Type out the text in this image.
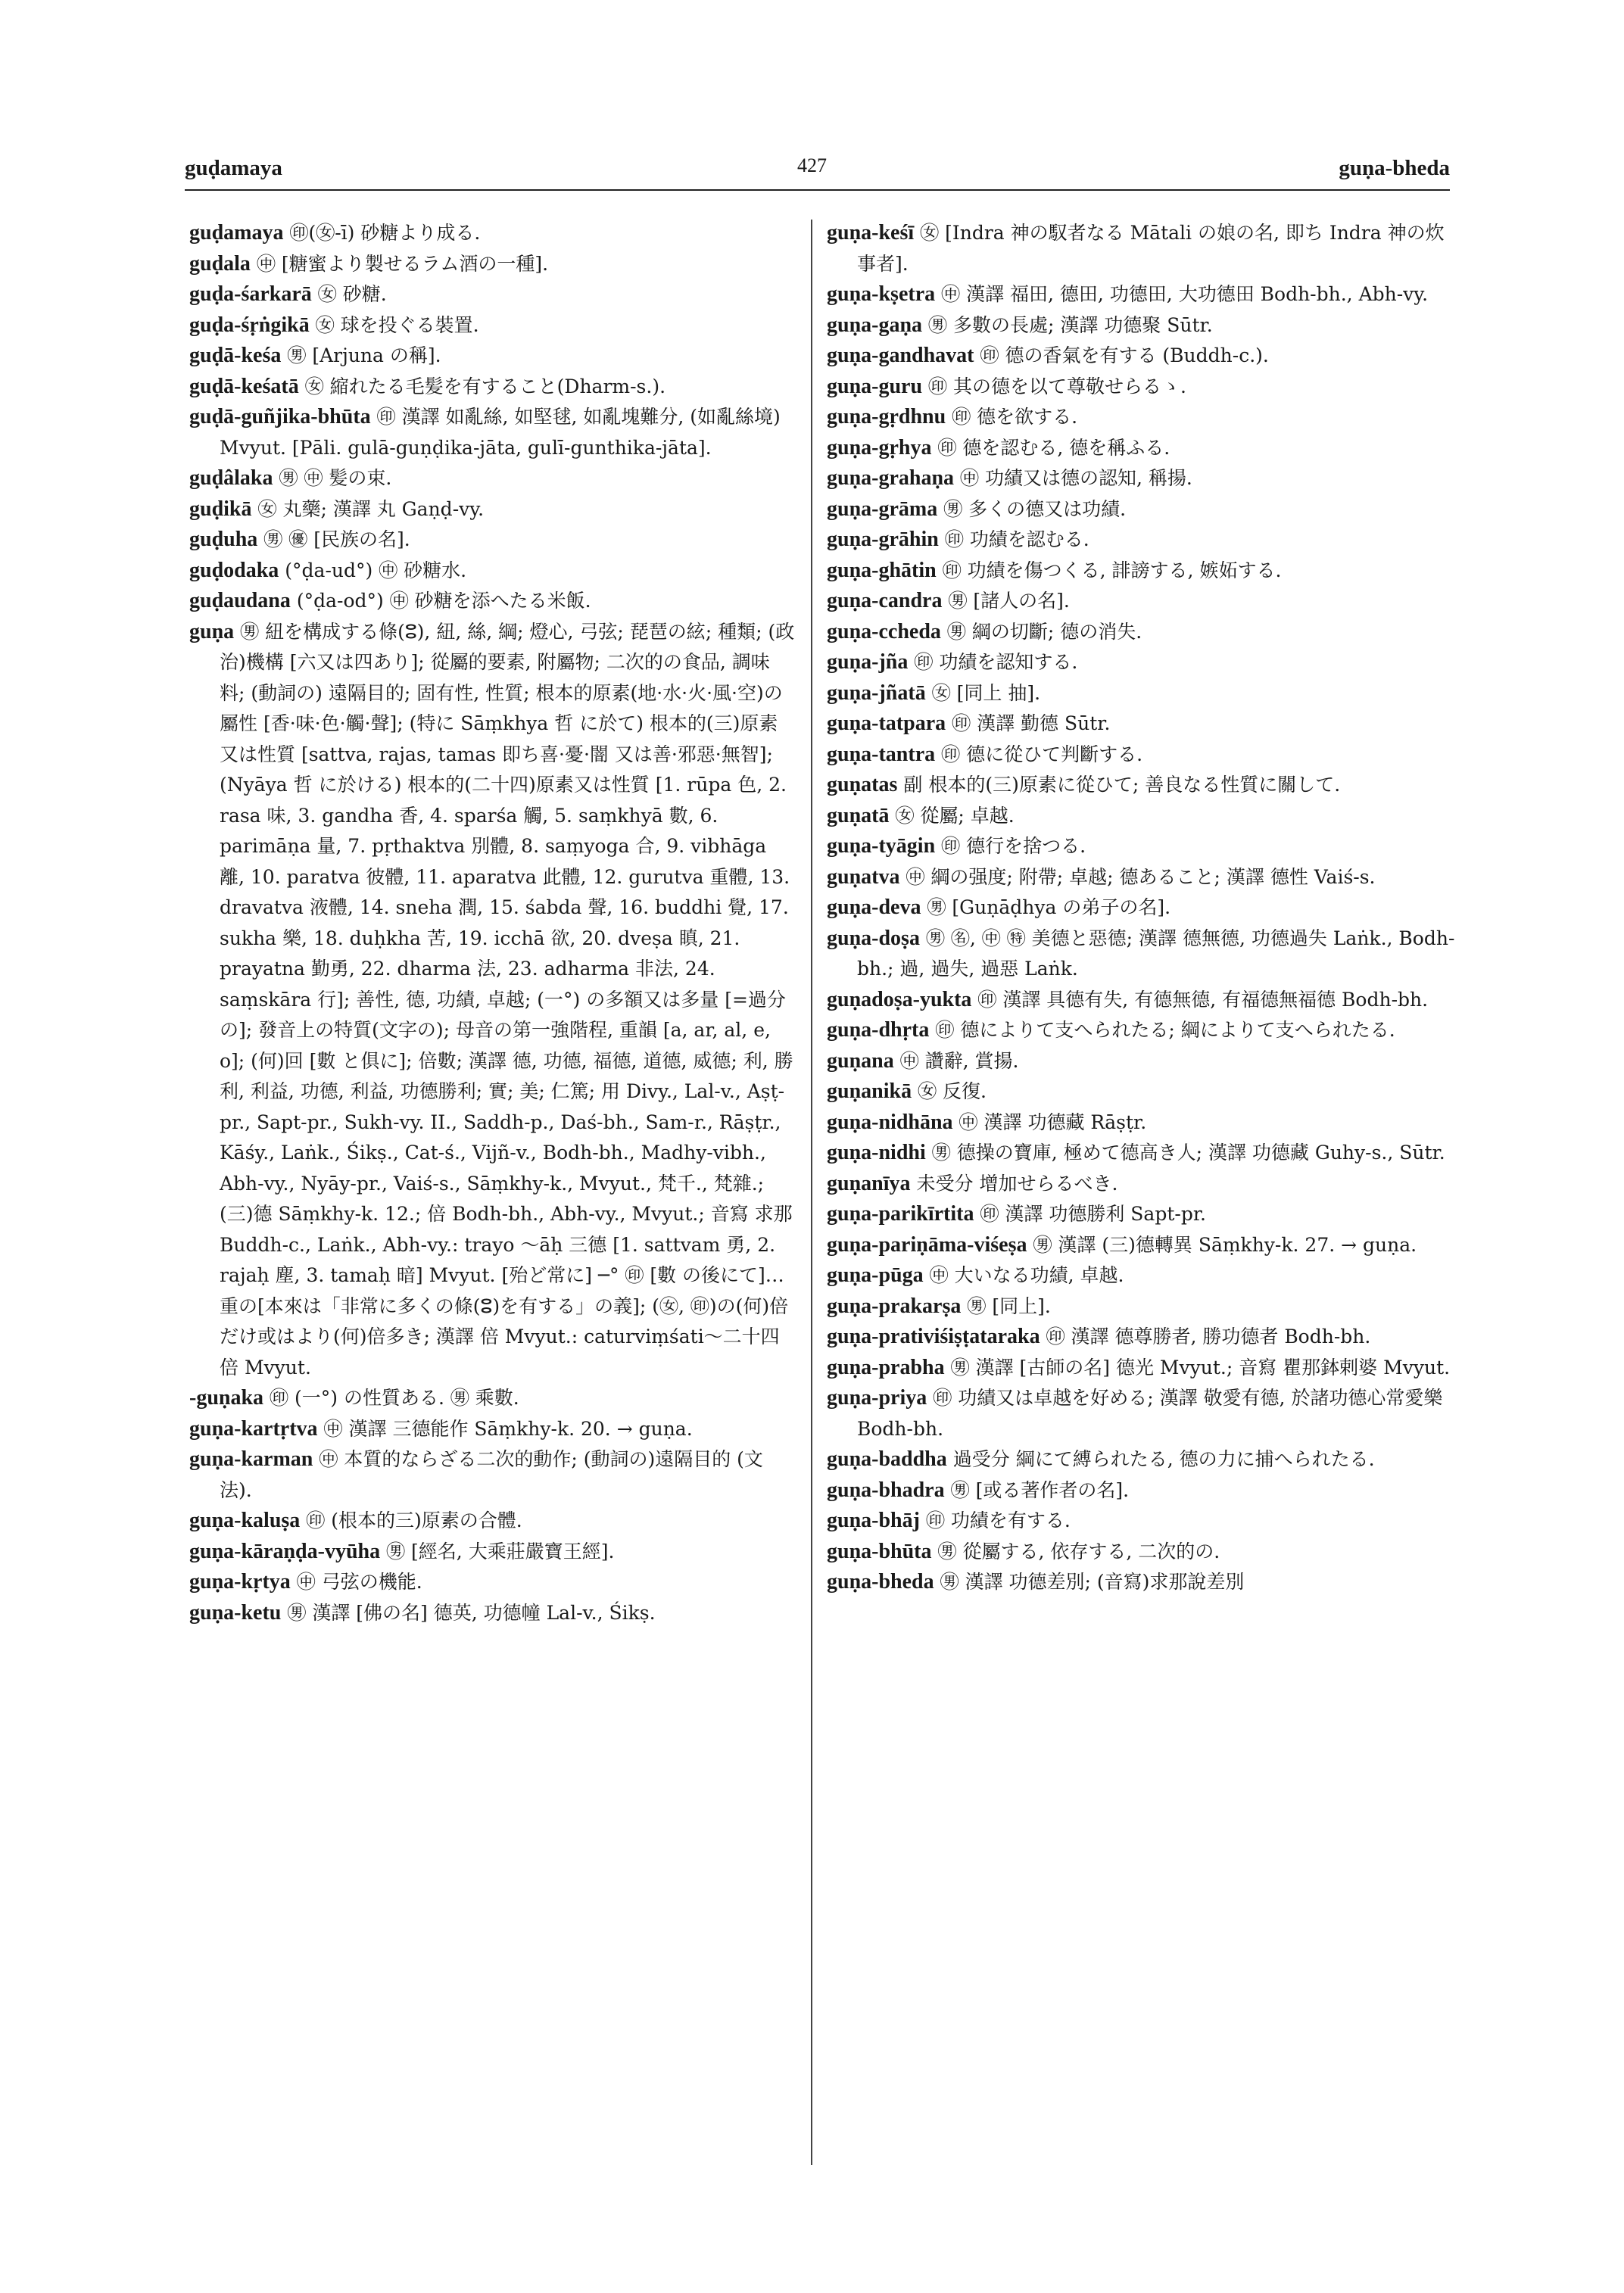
guḍamaya	427	guṇa-bheda

guḍamaya ㊞(㊛-ī) 砂糖より成る.

guḍala ㊥ [糖蜜より製せるラム酒の一種].

guḍa-śarkarā ㊛ 砂糖.

guḍa-śṛṅgikā ㊛ 球を投ぐる裝置.

guḍā-keśa ㊚ [Arjuna の稱].

guḍā-keśatā ㊛ 縮れたる毛髪を有すること(Dharm-s.).

guḍā-guñjika-bhūta ㊞ 漢譯 如亂絲, 如堅毬, 如亂塊難分, (如亂絲境) Mvyut. [Pāli. gulā-guṇḍika-jāta, gulī-gunthika-jāta].

guḍâlaka ㊚ ㊥ 髪の束.

guḍikā ㊛ 丸藥; 漢譯 丸 Gaṇḍ-vy.

guḍuha ㊚ ㊝ [民族の名].

guḍodaka (°ḍa-ud°) ㊥ 砂糖水.

guḍaudana (°ḍa-od°) ㊥ 砂糖を添へたる米飯.

guṇa ㊚ 紐を構成する條(ⵓ), 紐, 絲, 綱; 燈心, 弓弦; 琵琶の絃; 種類; (政治)機構 [六又は四あり]; 從屬的要素, 附屬物; 二次的の食品, 調味料; (動詞の) 遠隔目的; 固有性, 性質; 根本的原素(地·水·火·風·空)の屬性 [香·味·色·觸·聲]; (特に Sāṃkhya 哲 に於て) 根本的(三)原素又は性質 [sattva, rajas, tamas 即ち喜·憂·闇 又は善·邪惡·無智]; (Nyāya 哲 に於ける) 根本的(二十四)原素又は性質 [1. rūpa 色, 2. rasa 味, 3. gandha 香, 4. sparśa 觸, 5. saṃkhyā 數, 6. parimāṇa 量, 7. pṛthaktva 別體, 8. saṃyoga 合, 9. vibhāga 離, 10. paratva 彼體, 11. aparatva 此體, 12. gurutva 重體, 13. dravatva 液體, 14. sneha 潤, 15. śabda 聲, 16. buddhi 覺, 17. sukha 樂, 18. duḥkha 苦, 19. icchā 欲, 20. dveṣa 瞋, 21. prayatna 勤勇, 22. dharma 法, 23. adharma 非法, 24. saṃskāra 行]; 善性, 德, 功績, 卓越; (一°) の多額又は多量 [=過分の]; 發音上の特質(文字の); 母音の第一強階程, 重韻 [a, ar, al, e, o]; (何)回 [數 と俱に]; 倍數; 漢譯 德, 功德, 福德, 道德, 威德; 利, 勝利, 利益, 功德, 利益, 功德勝利; 實; 美; 仁篤; 用 Divy., Lal-v., Aṣṭ-pr., Sapt-pr., Sukh-vy. II., Saddh-p., Daś-bh., Sam-r., Rāṣṭr., Kāśy., Laṅk., Śikṣ., Cat-ś., Vijñ-v., Bodh-bh., Madhy-vibh., Abh-vy., Nyāy-pr., Vaiś-s., Sāṃkhy-k., Mvyut., 梵千., 梵雜.; (三)德 Sāṃkhy-k. 12.; 倍 Bodh-bh., Abh-vy., Mvyut.; 音寫 求那 Buddh-c., Laṅk., Abh-vy.: trayo ～āḥ 三德 [1. sattvam 勇, 2. rajaḥ 塵, 3. tamaḥ 暗] Mvyut. [殆ど常に] ─° ㊞ [數 の後にて]…重の[本來は「非常に多くの條(ⵓ)を有する」の義]; (㊛, ㊞)の(何)倍だけ或はより(何)倍多き; 漢譯 倍 Mvyut.: caturviṃśati～二十四倍 Mvyut.

-guṇaka ㊞ (一°) の性質ある. ㊚ 乘數.

guṇa-kartṛtva ㊥ 漢譯 三德能作 Sāṃkhy-k. 20. → guṇa.

guṇa-karman ㊥ 本質的ならざる二次的動作; (動詞の)遠隔目的 (文法).

guṇa-kaluṣa ㊞ (根本的三)原素の合體.

guṇa-kāraṇḍa-vyūha ㊚ [經名, 大乘莊嚴寶王經].

guṇa-kṛtya ㊥ 弓弦の機能.

guṇa-ketu ㊚ 漢譯 [佛の名] 德英, 功德幢 Lal-v., Śikṣ.

guṇa-keśī ㊛ [Indra 神の馭者なる Mātali の娘の名, 即ち Indra 神の炊事者].

guṇa-kṣetra ㊥ 漢譯 福田, 德田, 功德田, 大功德田 Bodh-bh., Abh-vy.

guṇa-gaṇa ㊚ 多數の長處; 漢譯 功德聚 Sūtr.

guṇa-gandhavat ㊞ 德の香氣を有する (Buddh-c.).

guṇa-guru ㊞ 其の德を以て尊敬せらるゝ.

guṇa-gṛdhnu ㊞ 德を欲する.

guṇa-gṛhya ㊞ 德を認むる, 德を稱ふる.

guṇa-grahaṇa ㊥ 功績又は德の認知, 稱揚.

guṇa-grāma ㊚ 多くの德又は功績.

guṇa-grāhin ㊞ 功績を認むる.

guṇa-ghātin ㊞ 功績を傷つくる, 誹謗する, 嫉妬する.

guṇa-candra ㊚ [諸人の名].

guṇa-ccheda ㊚ 綱の切斷; 德の消失.

guṇa-jña ㊞ 功績を認知する.

guṇa-jñatā ㊛ [同上 抽].

guṇa-tatpara ㊞ 漢譯 勤德 Sūtr.

guṇa-tantra ㊞ 德に從ひて判斷する.

guṇatas 副 根本的(三)原素に從ひて; 善良なる性質に關して.

guṇatā ㊛ 從屬; 卓越.

guṇa-tyāgin ㊞ 德行を捨つる.

guṇatva ㊥ 綱の强度; 附帶; 卓越; 德あること; 漢譯 德性 Vaiś-s.

guṇa-deva ㊚ [Guṇāḍhya の弟子の名].

guṇa-doṣa ㊚ ㊔, ㊥ ㊕ 美德と惡德; 漢譯 德無德, 功德過失 Laṅk., Bodh-bh.; 過, 過失, 過惡 Laṅk.

guṇadoṣa-yukta ㊞ 漢譯 具德有失, 有德無德, 有福德無福德 Bodh-bh.

guṇa-dhṛta ㊞ 德によりて支へられたる; 綱によりて支へられたる.

guṇana ㊥ 讚辭, 賞揚.

guṇanikā ㊛ 反復.

guṇa-nidhāna ㊥ 漢譯 功德藏 Rāṣṭr.

guṇa-nidhi ㊚ 德操の寶庫, 極めて德高き人; 漢譯 功德藏 Guhy-s., Sūtr.

guṇanīya 未受分 增加せらるべき.

guṇa-parikīrtita ㊞ 漢譯 功德勝利 Sapt-pr.

guṇa-pariṇāma-viśeṣa ㊚ 漢譯 (三)德轉異 Sāṃkhy-k. 27. → guṇa.

guṇa-pūga ㊥ 大いなる功績, 卓越.

guṇa-prakarṣa ㊚ [同上].

guṇa-prativiśiṣṭataraka ㊞ 漢譯 德尊勝者, 勝功德者 Bodh-bh.

guṇa-prabha ㊚ 漢譯 [古師の名] 德光 Mvyut.; 音寫 瞿那鉢剌婆 Mvyut.

guṇa-priya ㊞ 功績又は卓越を好める; 漢譯 敬愛有德, 於諸功德心常愛樂 Bodh-bh.

guṇa-baddha 過受分 綱にて縛られたる, 德の力に捕へられたる.

guṇa-bhadra ㊚ [或る著作者の名].

guṇa-bhāj ㊞ 功績を有する.

guṇa-bhūta ㊚ 從屬する, 依存する, 二次的の.

guṇa-bheda ㊚ 漢譯 功德差別; (音寫)求那說差別
